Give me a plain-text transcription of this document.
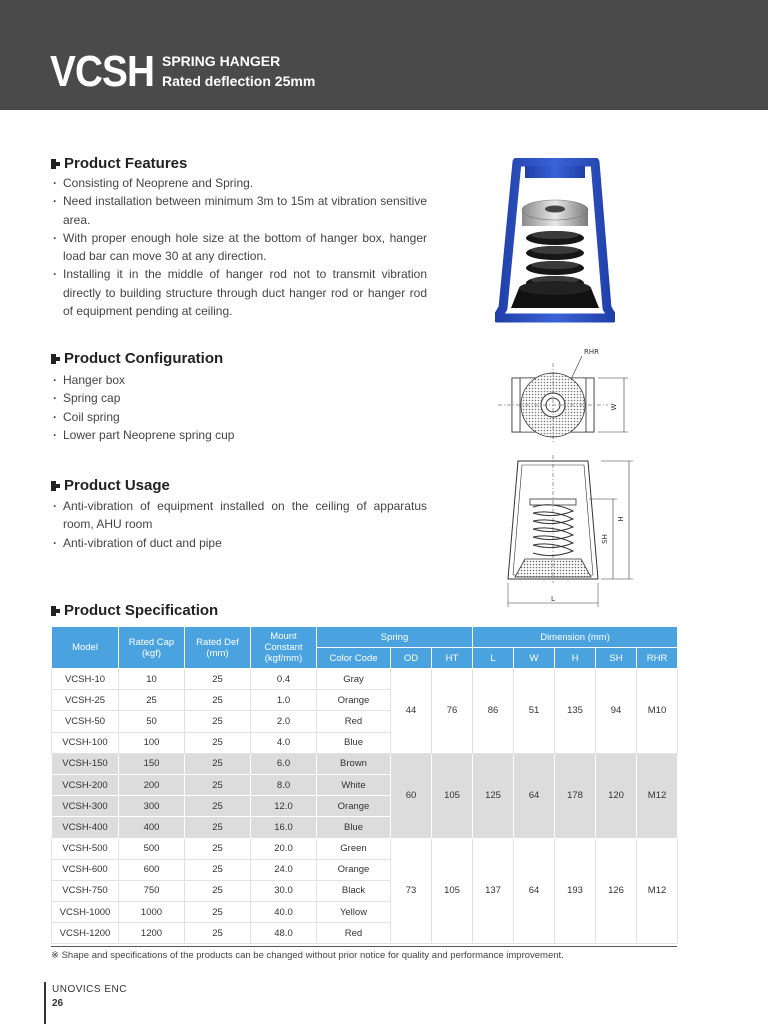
VCSH SPRING HANGER
Rated deflection 25mm
Product Features
· Consisting of Neoprene and Spring.
· Need installation between minimum 3m to 15m at vibration sensitive area.
· With proper enough hole size at the bottom of hanger box, hanger load bar can move 30 at any direction.
· Installing it in the middle of hanger rod not to transmit vibration directly to building structure through duct hanger rod or hanger rod of equipment pending at ceiling.
Product Configuration
· Hanger box
· Spring cap
· Coil spring
· Lower part Neoprene spring cup
Product Usage
· Anti-vibration of equipment installed on the ceiling of apparatus room, AHU room
· Anti-vibration of duct and pipe
RHR
W
SH
H
L
Product Specification
Model	Rated Cap (kgf)	Rated Def (mm)	Mount Constant (kgf/mm)	Spring			Dimension (mm)				
				Color Code	OD	HT	L	W	H	SH	RHR
VCSH-10	10	25	0.4	Gray	44	76	86	51	135	94	M10
VCSH-25	25	25	1.0	Orange							
VCSH-50	50	25	2.0	Red							
VCSH-100	100	25	4.0	Blue							
VCSH-150	150	25	6.0	Brown	60	105	125	64	178	120	M12
VCSH-200	200	25	8.0	White							
VCSH-300	300	25	12.0	Orange							
VCSH-400	400	25	16.0	Blue							
VCSH-500	500	25	20.0	Green	73	105	137	64	193	126	M12
VCSH-600	600	25	24.0	Orange							
VCSH-750	750	25	30.0	Black							
VCSH-1000	1000	25	40.0	Yellow							
VCSH-1200	1200	25	48.0	Red							
※ Shape and specifications of the products can be changed without prior notice for quality and performance improvement.
UNOVICS ENC
26
